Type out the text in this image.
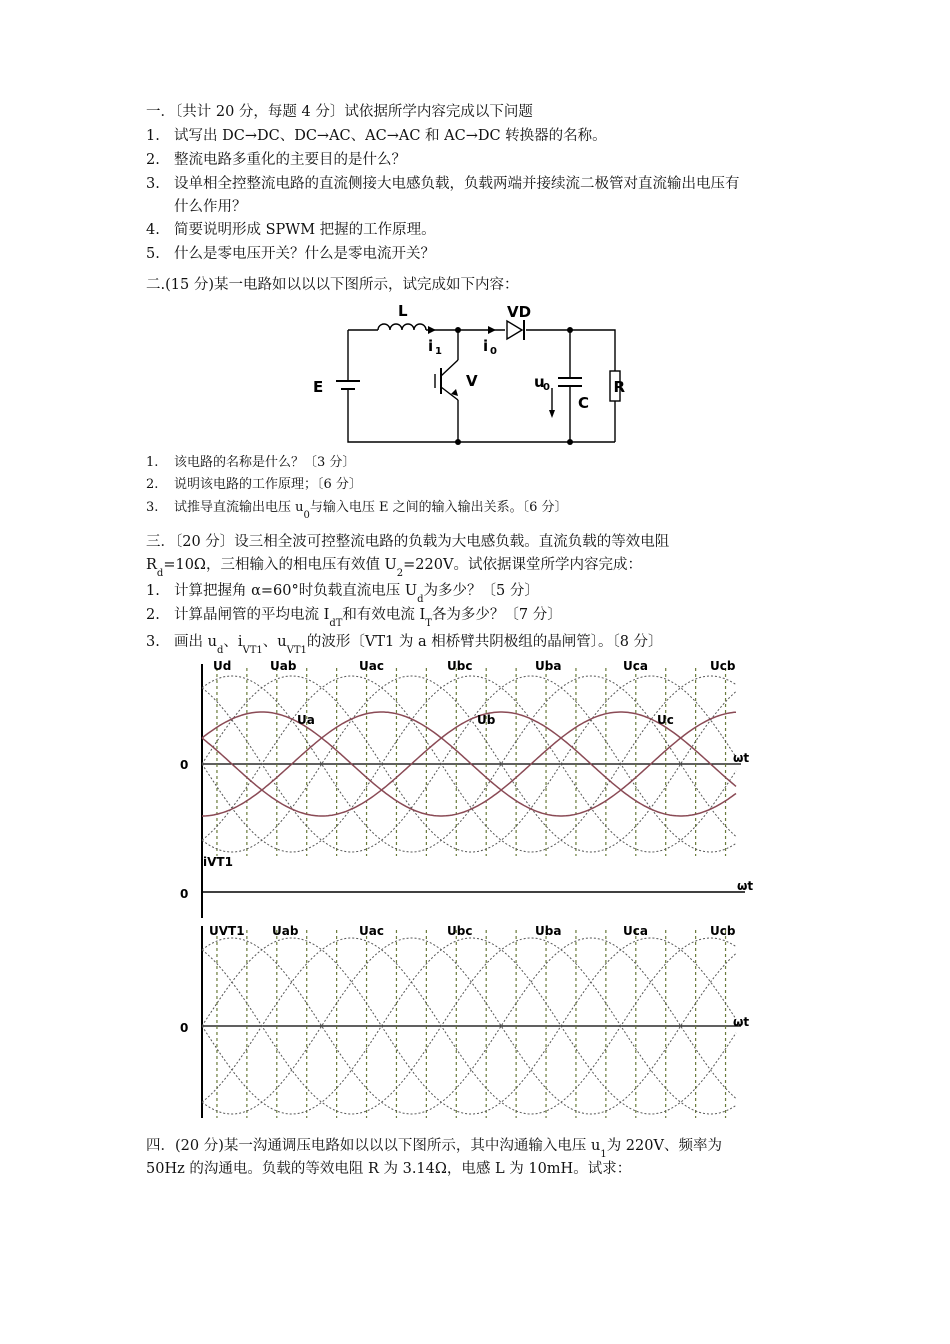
一．〔共计 20 分，每题 4 分〕试依据所学内容完成以下问题
1. 试写出 DC→DC、DC→AC、AC→AC 和 AC→DC 转换器的名称。
2. 整流电路多重化的主要目的是什么？
3. 设单相全控整流电路的直流侧接大电感负载，负载两端并接续流二极管对直流输出电压有
什么作用？
4. 简要说明形成 SPWM 把握的工作原理。
5. 什么是零电压开关？什么是零电流开关？
二.(15 分)某一电路如以以以下图所示，试完成如下内容：
L	VD
i 1	i 0
E	V	u
0
C
R
1. 该电路的名称是什么？〔3 分〕
2. 说明该电路的工作原理；〔6 分〕
3. 试推导直流输出电压 $u_0$与输入电压 E 之间的输入输出关系。〔6 分〕
三．〔20 分〕设三相全波可控整流电路的负载为大电感负载。直流负载的等效电阻
$R_d=10\Omega$，三相输入的相电压有效值 $U_2=220V$。试依据课堂所学内容完成：
1. 计算把握角 α=60°时负载直流电压 $U_d$为多少？〔5 分〕
2. 计算晶闸管的平均电流 $I_{dT}$和有效电流 $I_T$各为多少？〔7 分〕
3. 画出 $u_d$、$i_{VT1}$、$u_{VT1}$的波形〔VT1 为 a 相桥臂共阴极组的晶闸管〕。〔8 分〕
Ud	Uab	Uac	Ubc	Uba	Uca	Ucb
Ua	Ub	Uc
0	ωt
iVT1
0
ωt
UVT1 Uab	Uac	Ubc	Uba	Uca	Ucb
0	ωt
四．(20 分)某一沟通调压电路如以以以下图所示，其中沟通输入电压 $u_1$为 220V、频率为
50Hz 的沟通电。负载的等效电阻 R 为 3.14Ω，电感 L 为 10mH。试求：
